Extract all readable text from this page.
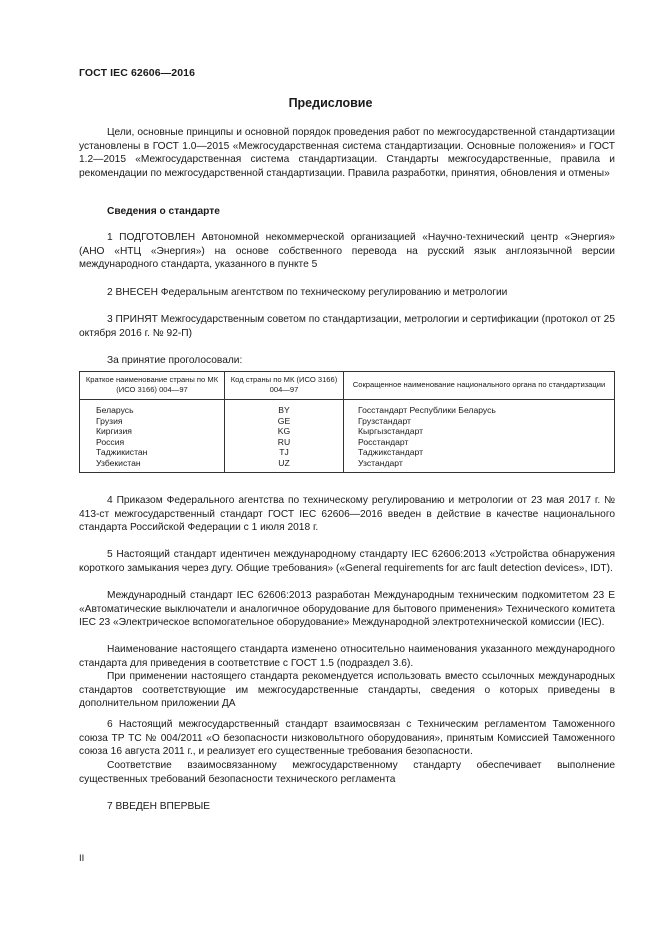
ГОСТ IEC 62606—2016
Предисловие
Цели, основные принципы и основной порядок проведения работ по межгосударственной стандартизации установлены в ГОСТ 1.0—2015 «Межгосударственная система стандартизации. Основные положения» и ГОСТ 1.2—2015 «Межгосударственная система стандартизации. Стандарты межгосударственные, правила и рекомендации по межгосударственной стандартизации. Правила разработки, принятия, обновления и отмены»
Сведения о стандарте
1 ПОДГОТОВЛЕН Автономной некоммерческой организацией «Научно-технический центр «Энергия» (АНО «НТЦ «Энергия») на основе собственного перевода на русский язык англоязычной версии международного стандарта, указанного в пункте 5
2 ВНЕСЕН Федеральным агентством по техническому регулированию и метрологии
3 ПРИНЯТ Межгосударственным советом по стандартизации, метрологии и сертификации (протокол от 25 октября 2016 г. № 92-П)
За принятие проголосовали:
Краткое наименование страны по МК (ИСО 3166) 004—97	Код страны по МК (ИСО 3166) 004—97	Сокращенное наименование национального органа по стандартизации
Беларусь	BY	Госстандарт Республики Беларусь
Грузия	GE	Грузстандарт
Киргизия	KG	Кыргызстандарт
Россия	RU	Росстандарт
Таджикистан	TJ	Таджикстандарт
Узбекистан	UZ	Узстандарт
4 Приказом Федерального агентства по техническому регулированию и метрологии от 23 мая 2017 г. № 413-ст межгосударственный стандарт ГОСТ IEC 62606—2016 введен в действие в качестве национального стандарта Российской Федерации с 1 июля 2018 г.
5 Настоящий стандарт идентичен международному стандарту IEC 62606:2013 «Устройства обнаружения короткого замыкания через дугу. Общие требования» («General requirements for arc fault detection devices», IDT).
Международный стандарт IEC 62606:2013 разработан Международным техническим подкомитетом 23 Е «Автоматические выключатели и аналогичное оборудование для бытового применения» Технического комитета IEC 23 «Электрическое вспомогательное оборудование» Международной электротехнической комиссии (IEC).
Наименование настоящего стандарта изменено относительно наименования указанного международного стандарта для приведения в соответствие с ГОСТ 1.5 (подраздел 3.6).
При применении настоящего стандарта рекомендуется использовать вместо ссылочных международных стандартов соответствующие им межгосударственные стандарты, сведения о которых приведены в дополнительном приложении ДА
6 Настоящий межгосударственный стандарт взаимосвязан с Техническим регламентом Таможенного союза ТР ТС № 004/2011 «О безопасности низковольтного оборудования», принятым Комиссией Таможенного союза 16 августа 2011 г., и реализует его существенные требования безопасности.
Соответствие взаимосвязанному межгосударственному стандарту обеспечивает выполнение существенных требований безопасности технического регламента
7 ВВЕДЕН ВПЕРВЫЕ
II
